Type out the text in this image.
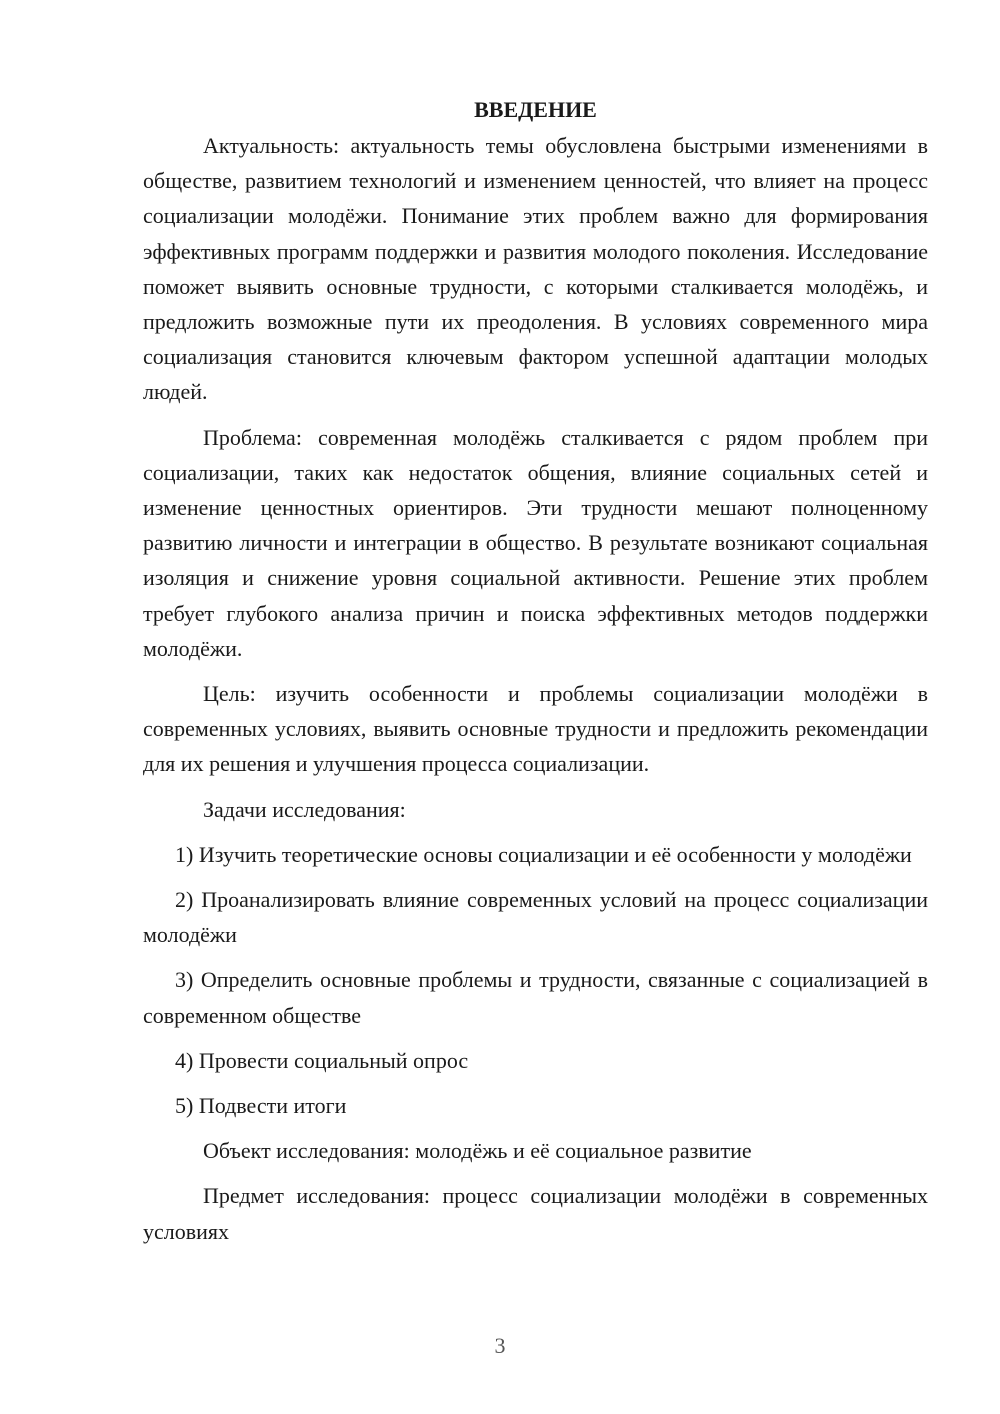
ВВЕДЕНИЕ

Актуальность: актуальность темы обусловлена быстрыми изменениями в обществе, развитием технологий и изменением ценностей, что влияет на процесс социализации молодёжи. Понимание этих проблем важно для формирования эффективных программ поддержки и развития молодого поколения. Исследование поможет выявить основные трудности, с которыми сталкивается молодёжь, и предложить возможные пути их преодоления. В условиях современного мира социализация становится ключевым фактором успешной адаптации молодых людей.

Проблема: современная молодёжь сталкивается с рядом проблем при социализации, таких как недостаток общения, влияние социальных сетей и изменение ценностных ориентиров. Эти трудности мешают полноценному развитию личности и интеграции в общество. В результате возникают социальная изоляция и снижение уровня социальной активности. Решение этих проблем требует глубокого анализа причин и поиска эффективных методов поддержки молодёжи.

Цель: изучить особенности и проблемы социализации молодёжи в современных условиях, выявить основные трудности и предложить рекомендации для их решения и улучшения процесса социализации.

Задачи исследования:

1) Изучить теоретические основы социализации и её особенности у молодёжи

2) Проанализировать влияние современных условий на процесс социализации молодёжи

3) Определить основные проблемы и трудности, связанные с социализацией в современном обществе

4) Провести социальный опрос

5) Подвести итоги

Объект исследования: молодёжь и её социальное развитие

Предмет исследования: процесс социализации молодёжи в современных условиях

3
